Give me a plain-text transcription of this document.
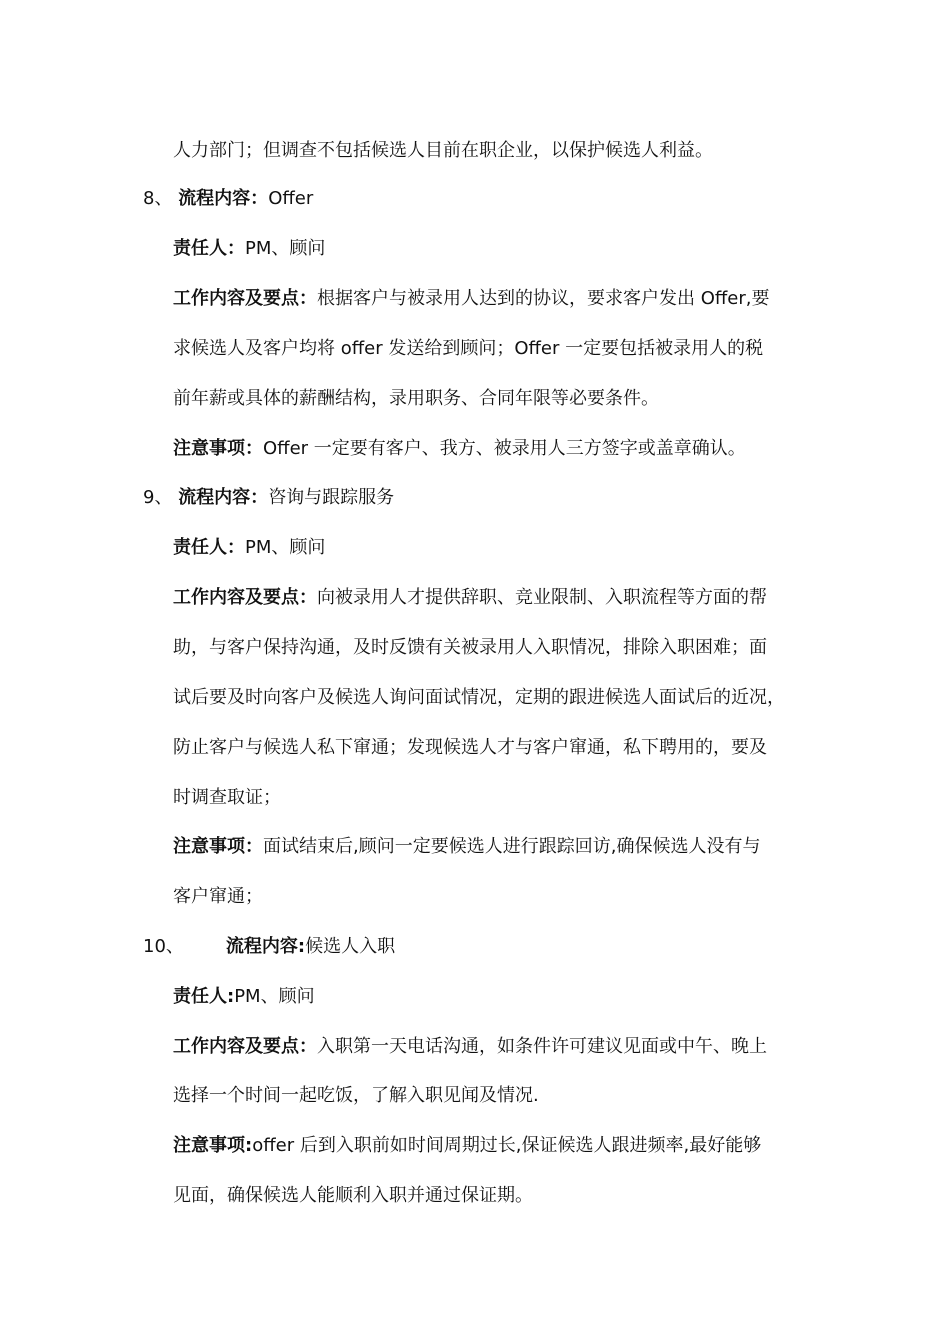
人力部门；但调查不包括候选人目前在职企业，以保护候选人利益。
8、 流程内容：Offer
责任人：PM、顾问
工作内容及要点：根据客户与被录用人达到的协议，要求客户发出 Offer,要
求候选人及客户均将 offer 发送给到顾问；Offer 一定要包括被录用人的税
前年薪或具体的薪酬结构，录用职务、合同年限等必要条件。
注意事项：Offer 一定要有客户、我方、被录用人三方签字或盖章确认。
9、 流程内容：咨询与跟踪服务
责任人：PM、顾问
工作内容及要点：向被录用人才提供辞职、竞业限制、入职流程等方面的帮
助，与客户保持沟通，及时反馈有关被录用人入职情况，排除入职困难；面
试后要及时向客户及候选人询问面试情况，定期的跟进候选人面试后的近况，
防止客户与候选人私下窜通；发现候选人才与客户窜通，私下聘用的，要及
时调查取证；
注意事项：面试结束后,顾问一定要候选人进行跟踪回访,确保候选人没有与
客户窜通；
10、 流程内容:候选人入职
责任人:PM、顾问
工作内容及要点：入职第一天电话沟通，如条件许可建议见面或中午、晚上
选择一个时间一起吃饭，了解入职见闻及情况.
注意事项:offer 后到入职前如时间周期过长,保证候选人跟进频率,最好能够
见面，确保候选人能顺利入职并通过保证期。
